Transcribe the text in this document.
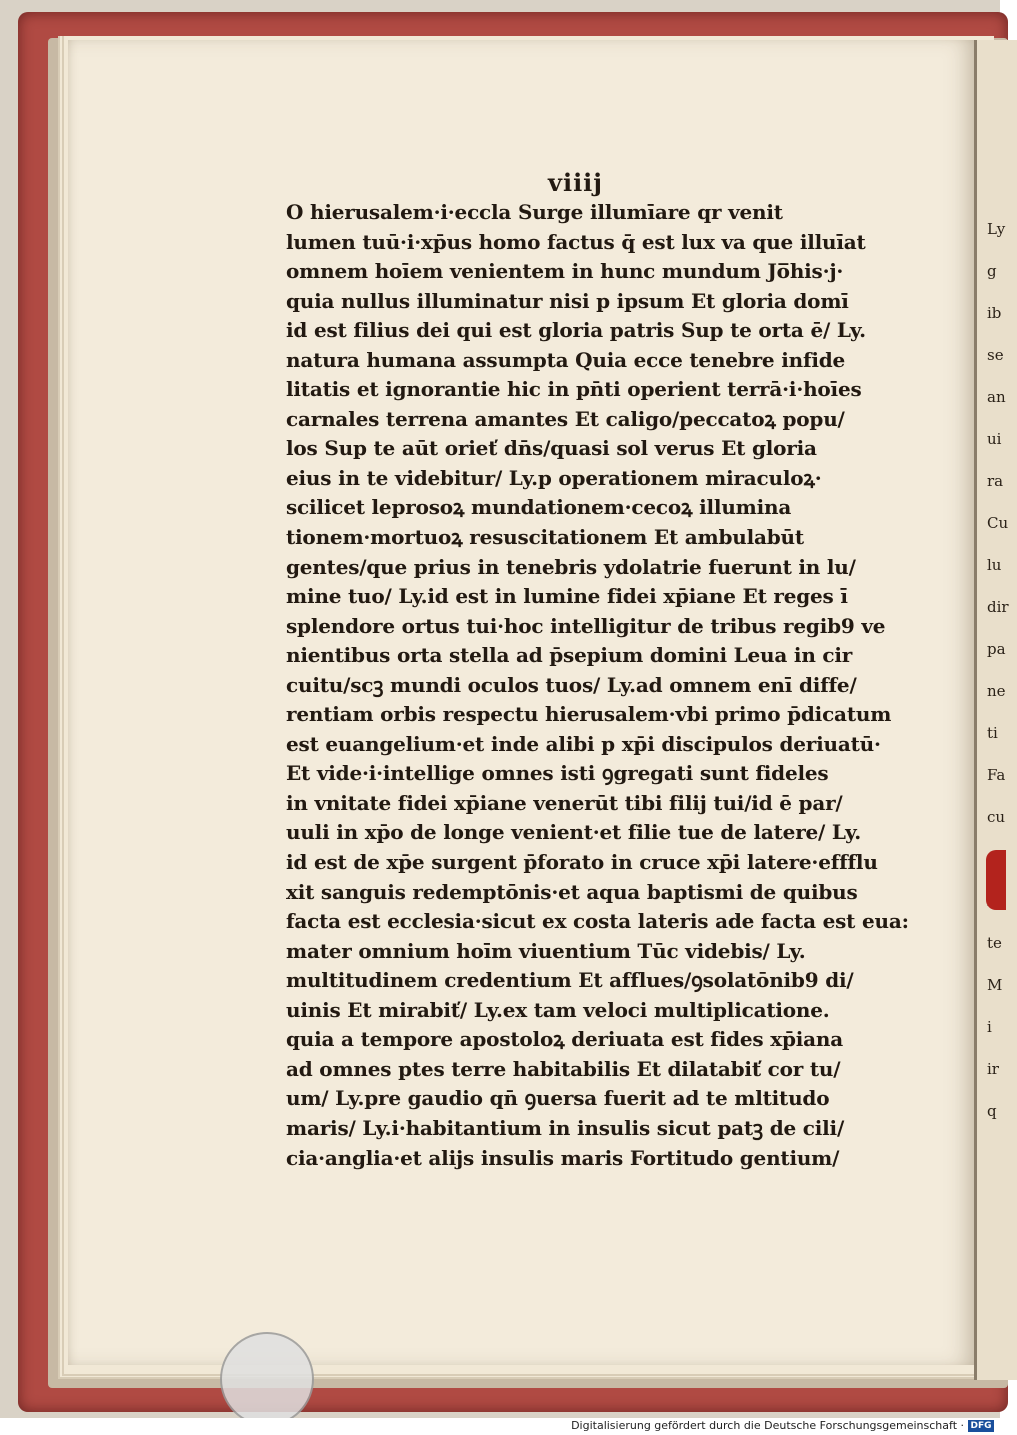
Ly
g
ib
se
an
ui
ra
Cu
lu
dir
pa
ne
ti
Fa
cu
te
M
i
ir
q
viiij
O hierusalem·i·eccla Surge illumīare qr venit
lumen tuū·i·xp̄us homo factus q̄ est lux va que illuīat
omnem hoīem venientem in hunc mundum Jo̅his·j·
quia nullus illuminatur nisi p ipsum Et gloria domī
id est filius dei qui est gloria patris Sup te orta ē/ Ly.
natura humana assumpta Quia ecce tenebre infide
litatis et ignorantie hic in pn̄ti operient terrā·i·hoīes
carnales terrena amantes Et caligo/peccatoꝝ popu/
los Sup te aūt orieť dn̄s/quasi sol verus Et gloria
eius in te videbitur/ Ly.p operationem miraculoꝝ·
scilicet leprosoꝝ mundationem·cecoꝝ illumina
tionem·mortuoꝝ resuscitationem Et ambulabūt
gentes/que prius in tenebris ydolatrie fuerunt in lu/
mine tuo/ Ly.id est in lumine fidei xp̄iane Et reges ī
splendore ortus tui·hoc intelligitur de tribus regib9 ve
nientibus orta stella ad p̄sepium domini Leua in cir
cuitu/scꝫ mundi oculos tuos/ Ly.ad omnem enī diffe/
rentiam orbis respectu hierusalem·vbi primo p̄dicatum
est euangelium·et inde alibi p xp̄i discipulos deriuatū·
Et vide·i·intellige omnes isti ꝯgregati sunt fideles
in vnitate fidei xp̄iane venerūt tibi filij tui/id ē par/
uuli in xp̄o de longe venient·et filie tue de latere/ Ly.
id est de xp̄e surgent p̄forato in cruce xp̄i latere·effflu
xit sanguis redemptōnis·et aqua baptismi de quibus
facta est ecclesia·sicut ex costa lateris ade facta est eua:
mater omnium hoīm viuentium Tūc videbis/ Ly.
multitudinem credentium Et afflues/ꝯsolatōnib9 di/
uinis Et mirabiť/ Ly.ex tam veloci multiplicatione.
quia a tempore apostoloꝝ deriuata est fides xp̄iana
ad omnes ptes terre habitabilis Et dilatabiť cor tu/
um/ Ly.pre gaudio qn̄ ꝯuersa fuerit ad te mltitudo
maris/ Ly.i·habitantium in insulis sicut patꝫ de cili/
cia·anglia·et alijs insulis maris Fortitudo gentium/
Digitalisierung gefördert durch die Deutsche Forschungsgemeinschaft · DFG
